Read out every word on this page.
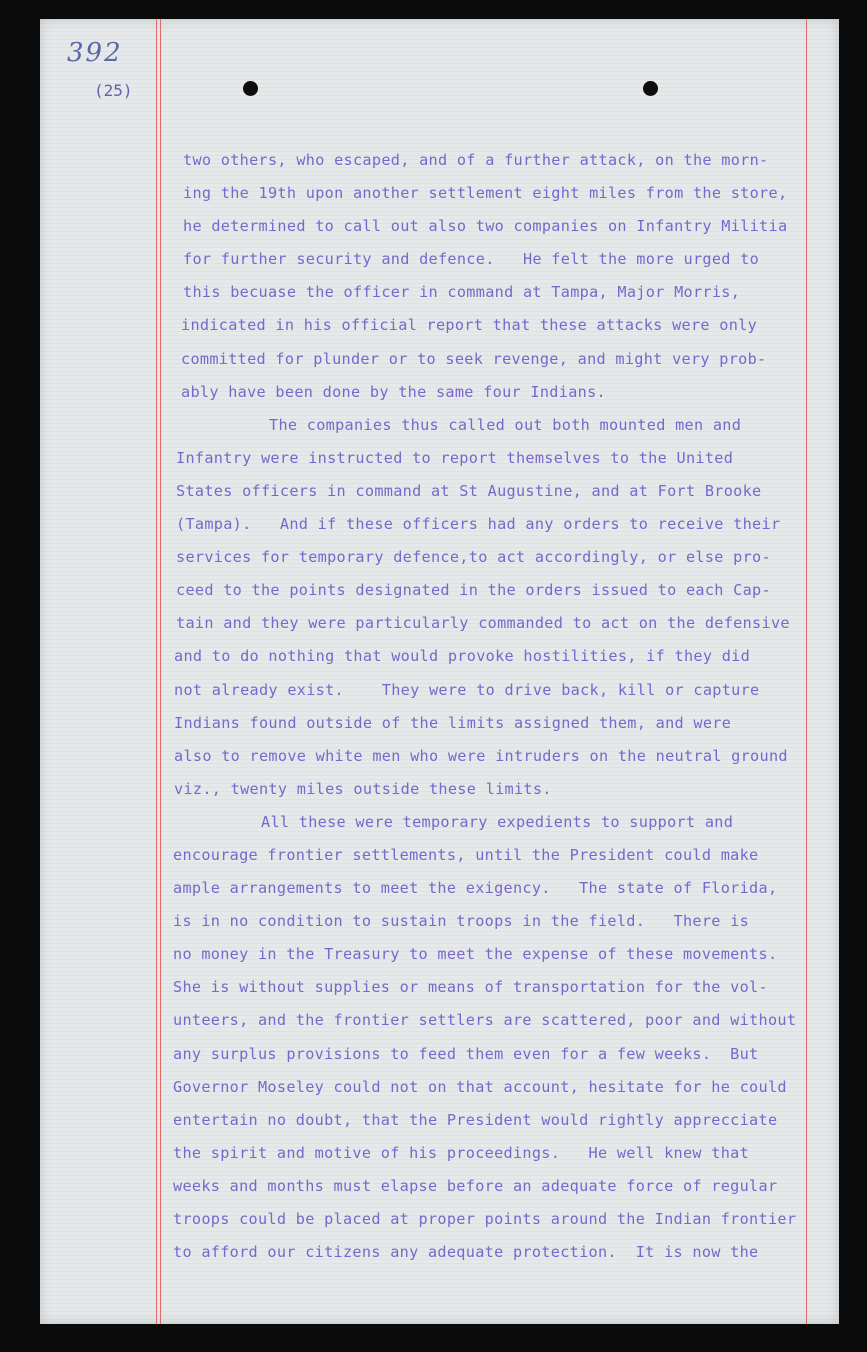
392
(25)
two others, who escaped, and of a further attack, on the morn-
ing the 19th upon another settlement eight miles from the store,
he determined to call out also two companies on Infantry Militia
for further security and defence.   He felt the more urged to
this becuase the officer in command at Tampa, Major Morris,
indicated in his official report that these attacks were only
committed for plunder or to seek revenge, and might very prob-
ably have been done by the same four Indians.
The companies thus called out both mounted men and
Infantry were instructed to report themselves to the United
States officers in command at St Augustine, and at Fort Brooke
(Tampa).   And if these officers had any orders to receive their
services for temporary defence,to act accordingly, or else pro-
ceed to the points designated in the orders issued to each Cap-
tain and they were particularly commanded to act on the defensive
and to do nothing that would provoke hostilities, if they did
not already exist.    They were to drive back, kill or capture
Indians found outside of the limits assigned them, and were
also to remove white men who were intruders on the neutral ground
viz., twenty miles outside these limits.
All these were temporary expedients to support and
encourage frontier settlements, until the President could make
ample arrangements to meet the exigency.   The state of Florida,
is in no condition to sustain troops in the field.   There is
no money in the Treasury to meet the expense of these movements.
She is without supplies or means of transportation for the vol-
unteers, and the frontier settlers are scattered, poor and without
any surplus provisions to feed them even for a few weeks.  But
Governor Moseley could not on that account, hesitate for he could
entertain no doubt, that the President would rightly apprecciate
the spirit and motive of his proceedings.   He well knew that
weeks and months must elapse before an adequate force of regular
troops could be placed at proper points around the Indian frontier
to afford our citizens any adequate protection.  It is now the
